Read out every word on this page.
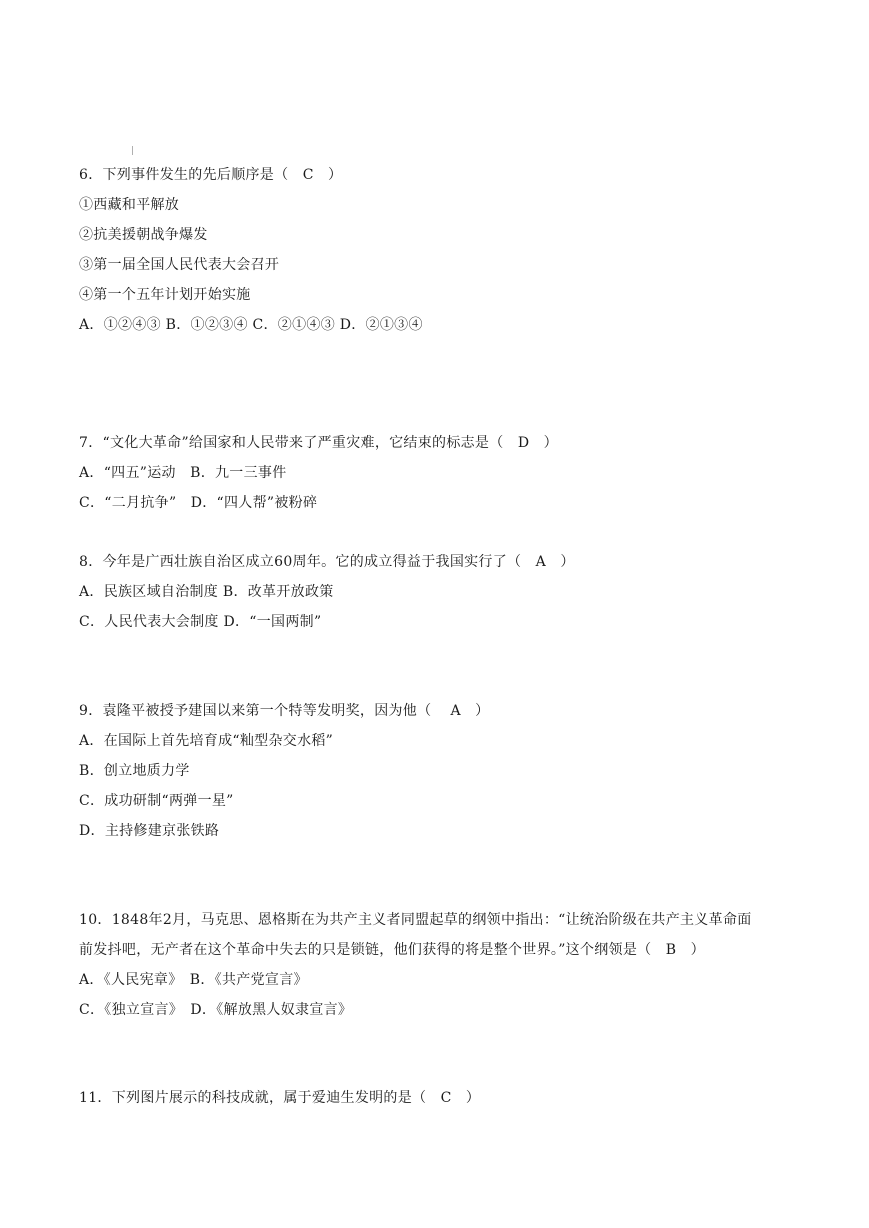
6．下列事件发生的先后顺序是（　C　）
①西藏和平解放
②抗美援朝战争爆发
③第一届全国人民代表大会召开
④第一个五年计划开始实施
A．①②④③ B．①②③④ C．②①④③ D．②①③④
7．“文化大革命”给国家和人民带来了严重灾难，它结束的标志是（　D　）
A．“四五”运动　B．九一三事件
C．“二月抗争”　D．“四人帮”被粉碎
8．今年是广西壮族自治区成立60周年。它的成立得益于我国实行了（　A　）
A．民族区域自治制度 B．改革开放政策
C．人民代表大会制度 D．“一国两制”
9．袁隆平被授予建国以来第一个特等发明奖，因为他（　 A　）
A．在国际上首先培育成“籼型杂交水稻”
B．创立地质力学
C．成功研制“两弹一星”
D．主持修建京张铁路
10．1848年2月，马克思、恩格斯在为共产主义者同盟起草的纲领中指出：“让统治阶级在共产主义革命面
前发抖吧，无产者在这个革命中失去的只是锁链，他们获得的将是整个世界。”这个纲领是（　B　）
A．《人民宪章》　B．《共产党宣言》
C．《独立宣言》　D．《解放黑人奴隶宣言》
11．下列图片展示的科技成就，属于爱迪生发明的是（　C　）
